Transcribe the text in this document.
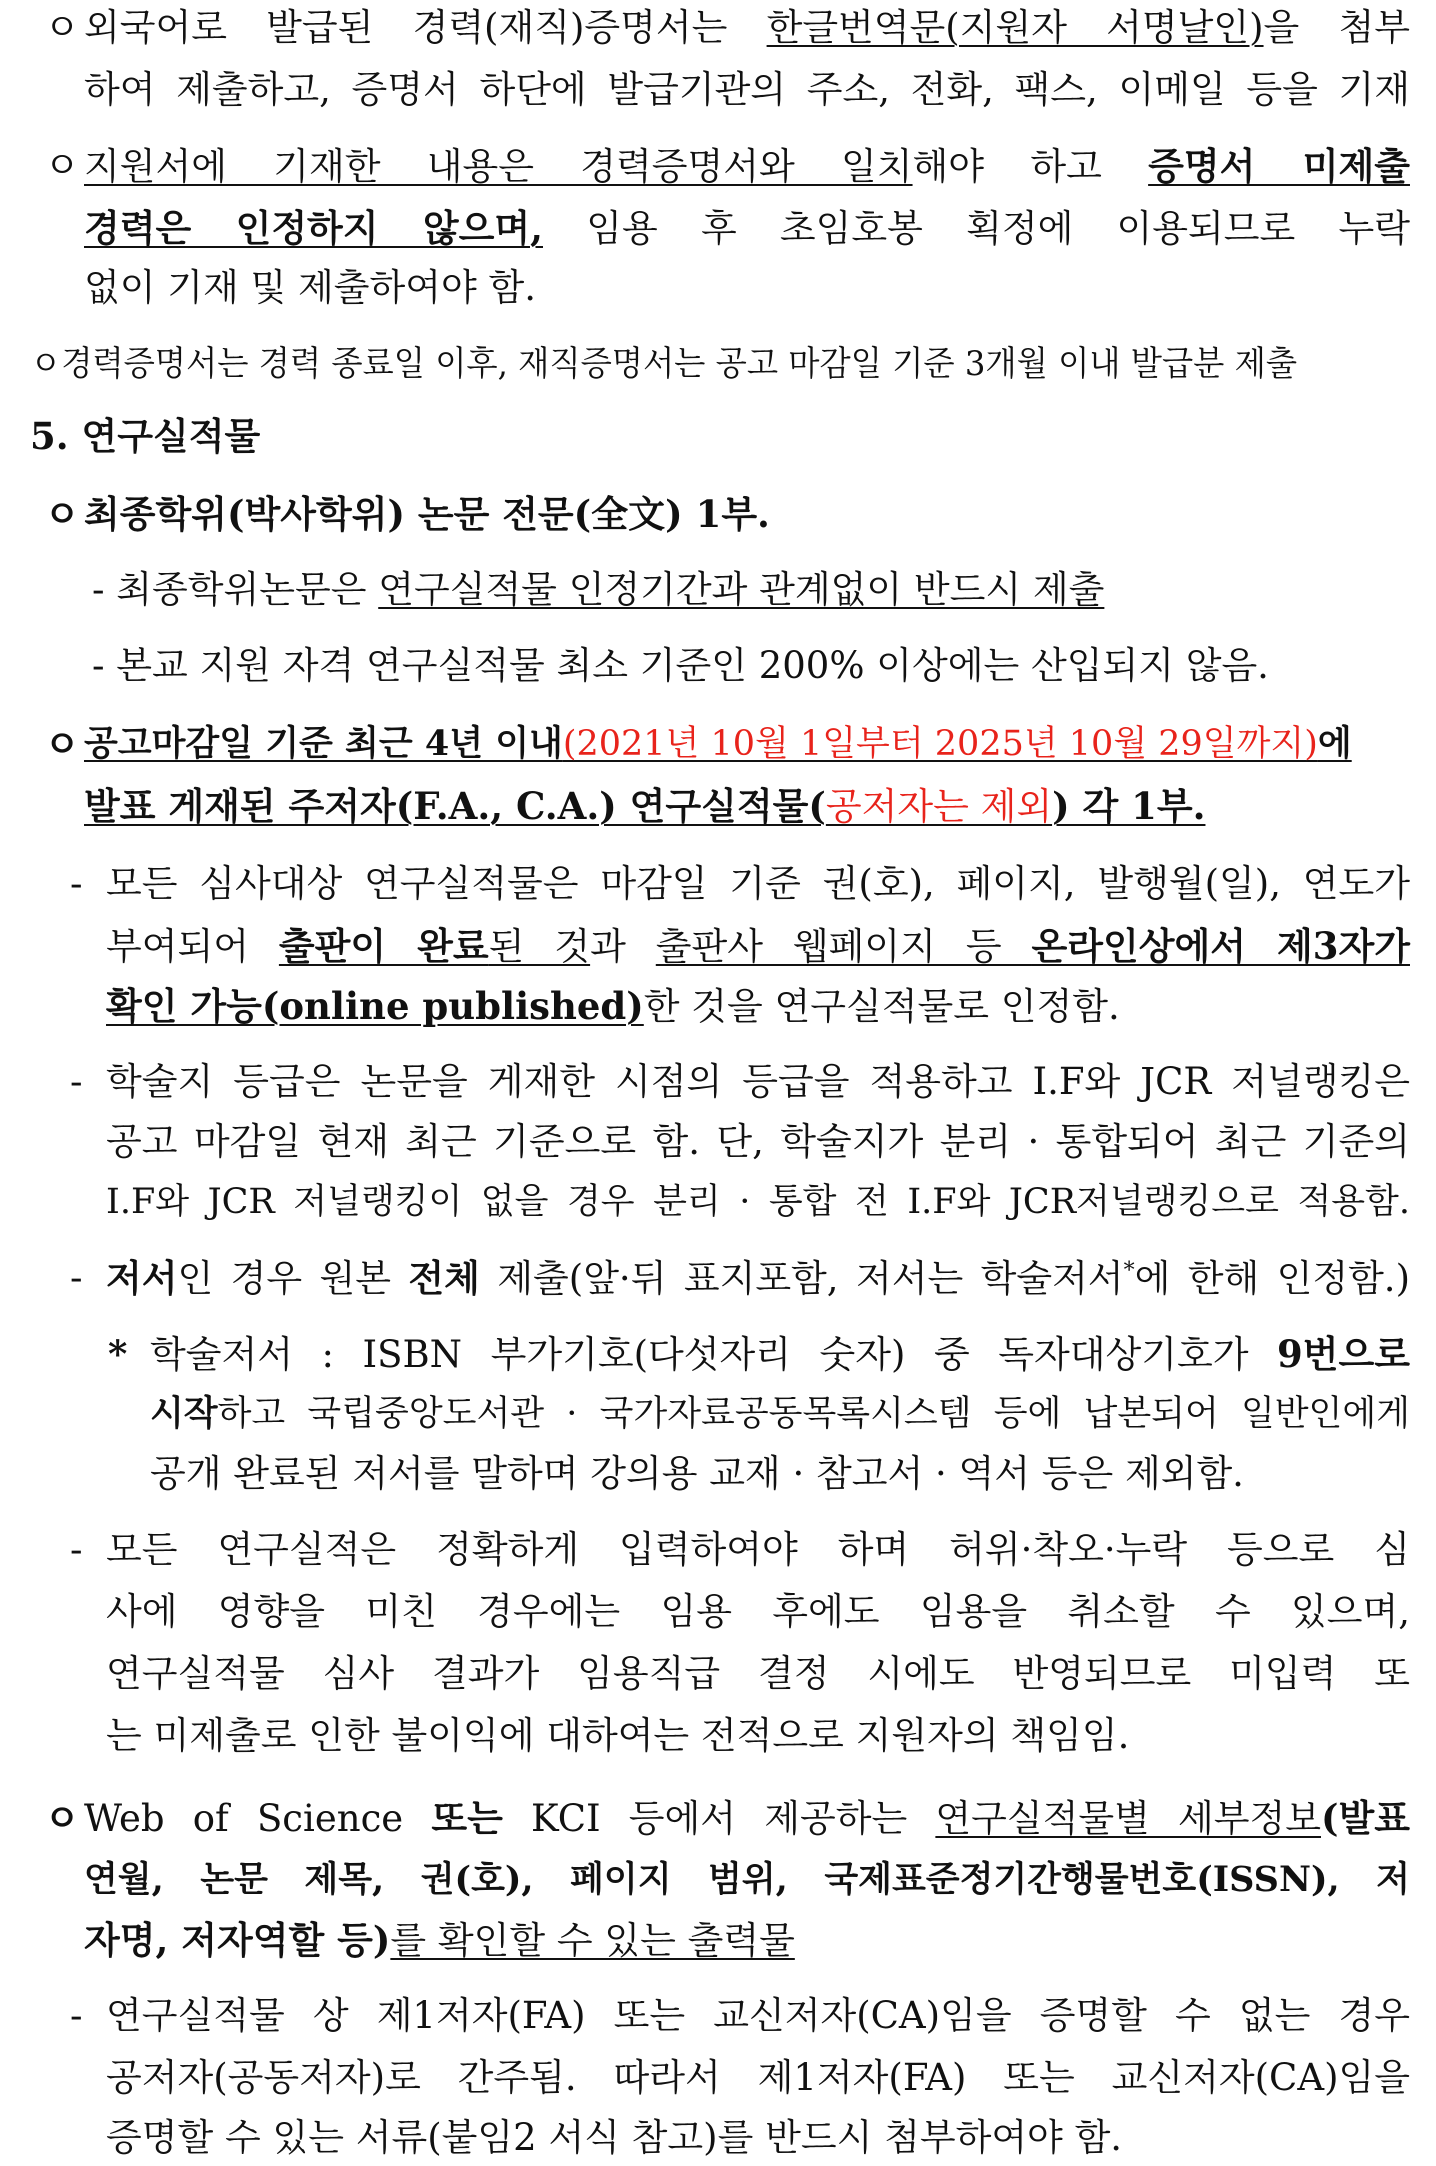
ㅇ 외국어로 발급된 경력(재직)증명서는 한글번역문(지원자 서명날인)을 첨부
하여 제출하고, 증명서 하단에 발급기관의 주소, 전화, 팩스, 이메일 등을 기재
ㅇ 지원서에 기재한 내용은 경력증명서와 일치해야 하고 증명서 미제출
경력은 인정하지 않으며, 임용 후 초임호봉 획정에 이용되므로 누락
없이 기재 및 제출하여야 함.
ㅇ경력증명서는 경력 종료일 이후, 재직증명서는 공고 마감일 기준 3개월 이내 발급분 제출
5. 연구실적물
ㅇ 최종학위(박사학위) 논문 전문(全文) 1부.
- 최종학위논문은 연구실적물 인정기간과 관계없이 반드시 제출
- 본교 지원 자격 연구실적물 최소 기준인 200% 이상에는 산입되지 않음.
ㅇ 공고마감일 기준 최근 4년 이내(2021년 10월 1일부터 2025년 10월 29일까지)에
발표 게재된 주저자(F.A., C.A.) 연구실적물(공저자는 제외) 각 1부.
- 모든 심사대상 연구실적물은 마감일 기준 권(호), 페이지, 발행월(일), 연도가
부여되어 출판이 완료된 것과 출판사 웹페이지 등 온라인상에서 제3자가
확인 가능(online published)한 것을 연구실적물로 인정함.
- 학술지 등급은 논문을 게재한 시점의 등급을 적용하고 I.F와 JCR 저널랭킹은
공고 마감일 현재 최근 기준으로 함. 단, 학술지가 분리 · 통합되어 최근 기준의
I.F와 JCR 저널랭킹이 없을 경우 분리 · 통합 전 I.F와 JCR저널랭킹으로 적용함.
- 저서인 경우 원본 전체 제출(앞·뒤 표지포함, 저서는 학술저서*에 한해 인정함.)
* 학술저서 : ISBN 부가기호(다섯자리 숫자) 중 독자대상기호가 9번으로
시작하고 국립중앙도서관 · 국가자료공동목록시스템 등에 납본되어 일반인에게
공개 완료된 저서를 말하며 강의용 교재 · 참고서 · 역서 등은 제외함.
- 모든 연구실적은 정확하게 입력하여야 하며 허위·착오·누락 등으로 심
사에 영향을 미친 경우에는 임용 후에도 임용을 취소할 수 있으며,
연구실적물 심사 결과가 임용직급 결정 시에도 반영되므로 미입력 또
는 미제출로 인한 불이익에 대하여는 전적으로 지원자의 책임임.
ㅇ Web of Science 또는 KCI 등에서 제공하는 연구실적물별 세부정보(발표
연월, 논문 제목, 권(호), 페이지 범위, 국제표준정기간행물번호(ISSN), 저
자명, 저자역할 등)를 확인할 수 있는 출력물
- 연구실적물 상 제1저자(FA) 또는 교신저자(CA)임을 증명할 수 없는 경우
공저자(공동저자)로 간주됨. 따라서 제1저자(FA) 또는 교신저자(CA)임을
증명할 수 있는 서류(붙임2 서식 참고)를 반드시 첨부하여야 함.
